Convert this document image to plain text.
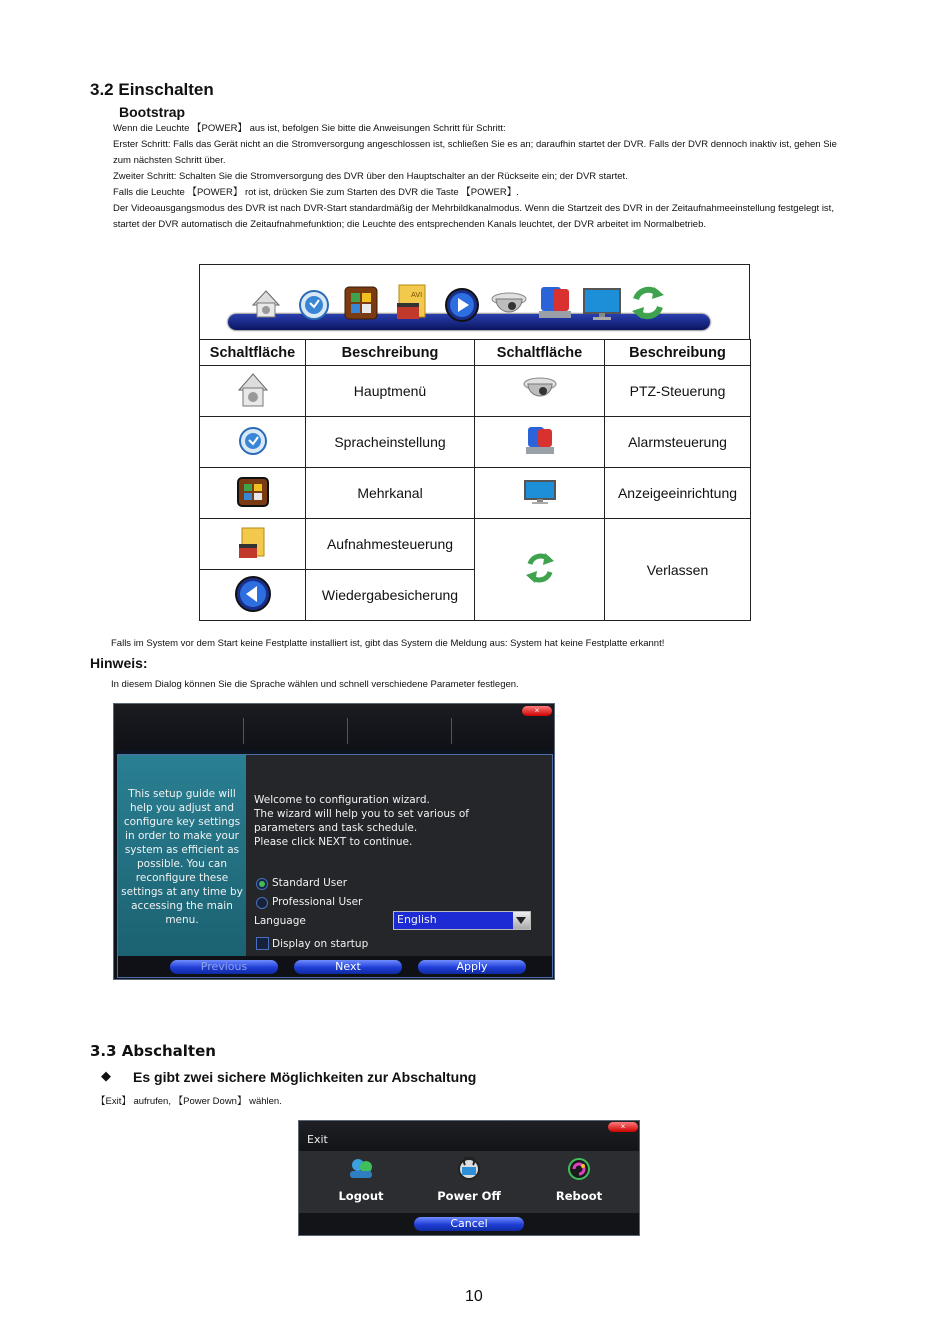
3.2 Einschalten
Bootstrap
Wenn die Leuchte 【POWER】 aus ist, befolgen Sie bitte die Anweisungen Schritt für Schritt:
Erster Schritt: Falls das Gerät nicht an die Stromversorgung angeschlossen ist, schließen Sie es an; daraufhin startet der DVR. Falls der DVR dennoch inaktiv ist, gehen Sie zum nächsten Schritt über.
Zweiter Schritt: Schalten Sie die Stromversorgung des DVR über den Hauptschalter an der Rückseite ein; der DVR startet.
Falls die Leuchte 【POWER】 rot ist, drücken Sie zum Starten des DVR die Taste 【POWER】.
Der Videoausgangsmodus des DVR ist nach DVR-Start standardmäßig der Mehrbildkanalmodus. Wenn die Startzeit des DVR in der Zeitaufnahmeeinstellung festgelegt ist, startet der DVR automatisch die Zeitaufnahmefunktion; die Leuchte des entsprechenden Kanals leuchtet, der DVR arbeitet im Normalbetrieb.
AVI
Schaltfläche	Beschreibung	Schaltfläche	Beschreibung
	Hauptmenü		PTZ-Steuerung
	Spracheinstellung		Alarmsteuerung
	Mehrkanal		Anzeigeeinrichtung
	Aufnahmesteuerung		Verlassen
	Wiedergabesicherung		
Falls im System vor dem Start keine Festplatte installiert ist, gibt das System die Meldung aus: System hat keine Festplatte erkannt!
Hinweis:
In diesem Dialog können Sie die Sprache wählen und schnell verschiedene Parameter festlegen.
×
This setup guide will help you adjust and configure key settings in order to make your system as efficient as possible. You can reconfigure these settings at any time by accessing the main menu.
Welcome to configuration wizard.
The wizard will help you to set various of
parameters and task schedule.
Please click NEXT to continue.
Standard User
Professional User
Language	English
Display on startup
Previous	Next	Apply
3.3 Abschalten
◆ Es gibt zwei sichere Möglichkeiten zur Abschaltung
【Exit】 aufrufen, 【Power Down】 wählen.
Exit
×
Logout	Power Off	Reboot
Cancel
10
